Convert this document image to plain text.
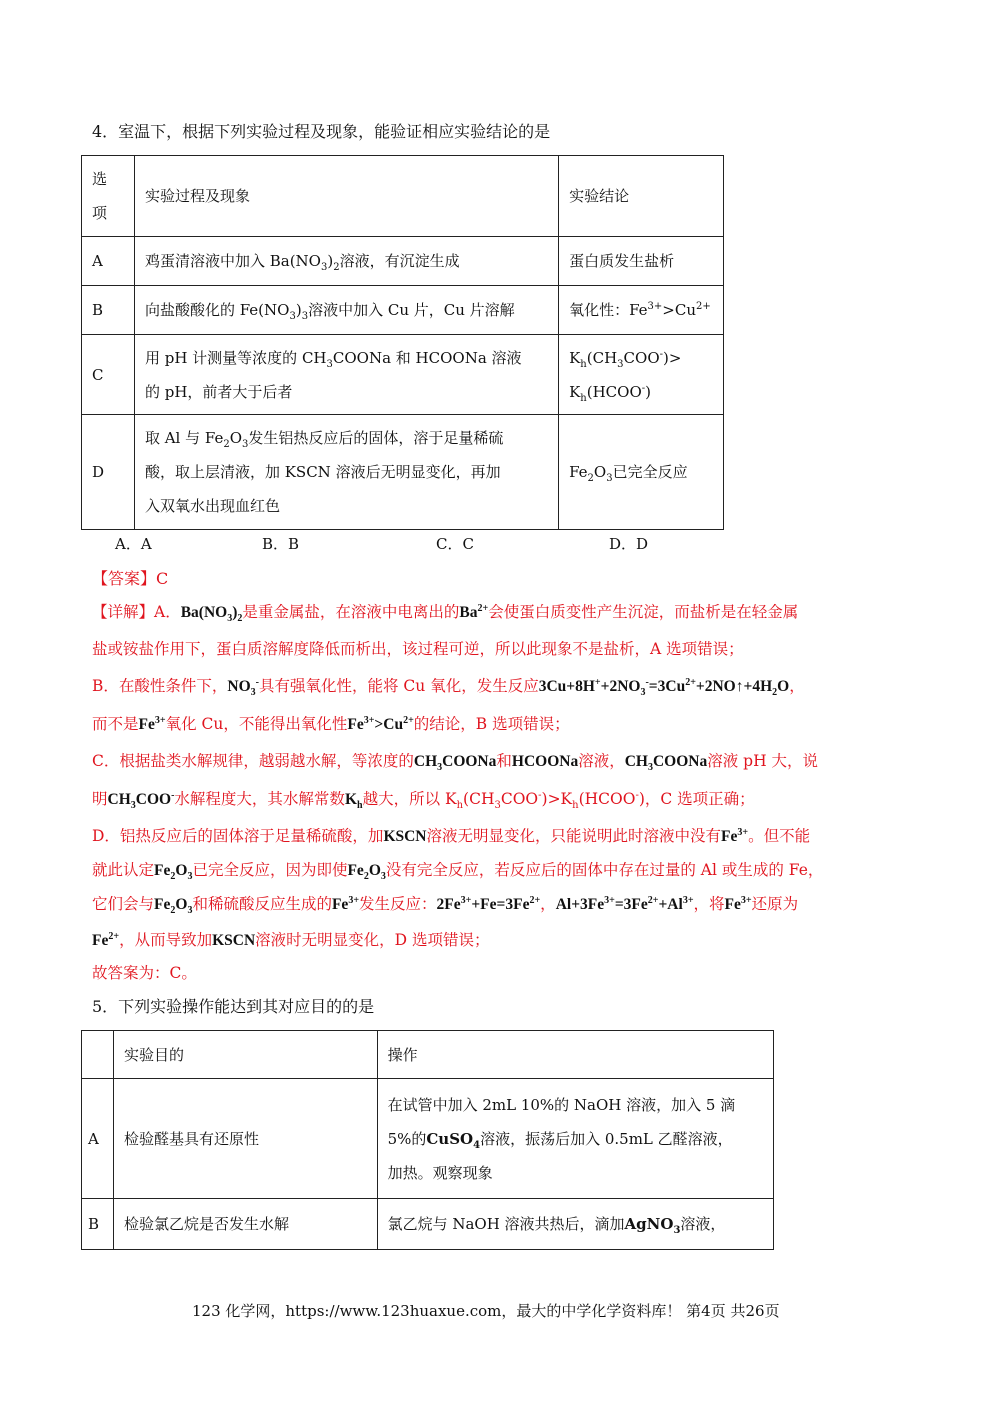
4．室温下，根据下列实验过程及现象，能验证相应实验结论的是
选
项	实验过程及现象	实验结论
A	鸡蛋清溶液中加入 $Ba(NO_3)_2$溶液，有沉淀生成	蛋白质发生盐析
B	向盐酸酸化的 $Fe(NO_3)_3$溶液中加入 Cu 片，Cu 片溶解	氧化性：$Fe^{3+}>Cu^{2+}$
C	用 pH 计测量等浓度的 $CH_3COONa$ 和 HCOONa 溶液
的 pH，前者大于后者	$K_h(CH_3COO^-)>$
$K_h(HCOO^-)$
D	取 Al 与 $Fe_2O_3$发生铝热反应后的固体，溶于足量稀硫
酸，取上层清液，加 KSCN 溶液后无明显变化，再加
入双氧水出现血红色	$Fe_2O_3$已完全反应
A．A	B．B	C．C	D．D
【答案】C
【详解】A．$Ba(NO_3)_2$是重金属盐，在溶液中电离出的$Ba^{2+}$会使蛋白质变性产生沉淀，而盐析是在轻金属
盐或铵盐作用下，蛋白质溶解度降低而析出，该过程可逆，所以此现象不是盐析，A 选项错误；
B．在酸性条件下，$NO_3^-$具有强氧化性，能将 Cu 氧化，发生反应$3Cu+8H^++2NO_3^-=3Cu^{2+}+2NO↑+4H_2O$，
而不是$Fe^{3+}$氧化 Cu，不能得出氧化性$Fe^{3+}>Cu^{2+}$的结论，B 选项错误；
C．根据盐类水解规律，越弱越水解，等浓度的$CH_3COONa$和HCOONa溶液，$CH_3COONa$溶液 pH 大，说
明$CH_3COO^-$水解程度大，其水解常数$K_h$越大，所以 $K_h(CH_3COO^-)>K_h(HCOO^-)$，C 选项正确；
D．铝热反应后的固体溶于足量稀硫酸，加KSCN溶液无明显变化，只能说明此时溶液中没有$Fe^{3+}$。但不能
就此认定$Fe_2O_3$已完全反应，因为即使$Fe_2O_3$没有完全反应，若反应后的固体中存在过量的 Al 或生成的 Fe，
它们会与$Fe_2O_3$和稀硫酸反应生成的$Fe^{3+}$发生反应：$2Fe^{3+}+Fe=3Fe^{2+}$，$Al+3Fe^{3+}=3Fe^{2+}+Al^{3+}$，将$Fe^{3+}$还原为
$Fe^{2+}$，从而导致加KSCN溶液时无明显变化，D 选项错误；
故答案为：C。
5．下列实验操作能达到其对应目的的是
	实验目的	操作
A	检验醛基具有还原性	在试管中加入 2mL 10%的 NaOH 溶液，加入 5 滴
5%的CuSO$_4$溶液，振荡后加入 0.5mL 乙醛溶液，
加热。观察现象
B	检验氯乙烷是否发生水解	氯乙烷与 NaOH 溶液共热后，滴加AgNO$_3$溶液，
123 化学网，https://www.123huaxue.com，最大的中学化学资料库！ 第4页 共26页
